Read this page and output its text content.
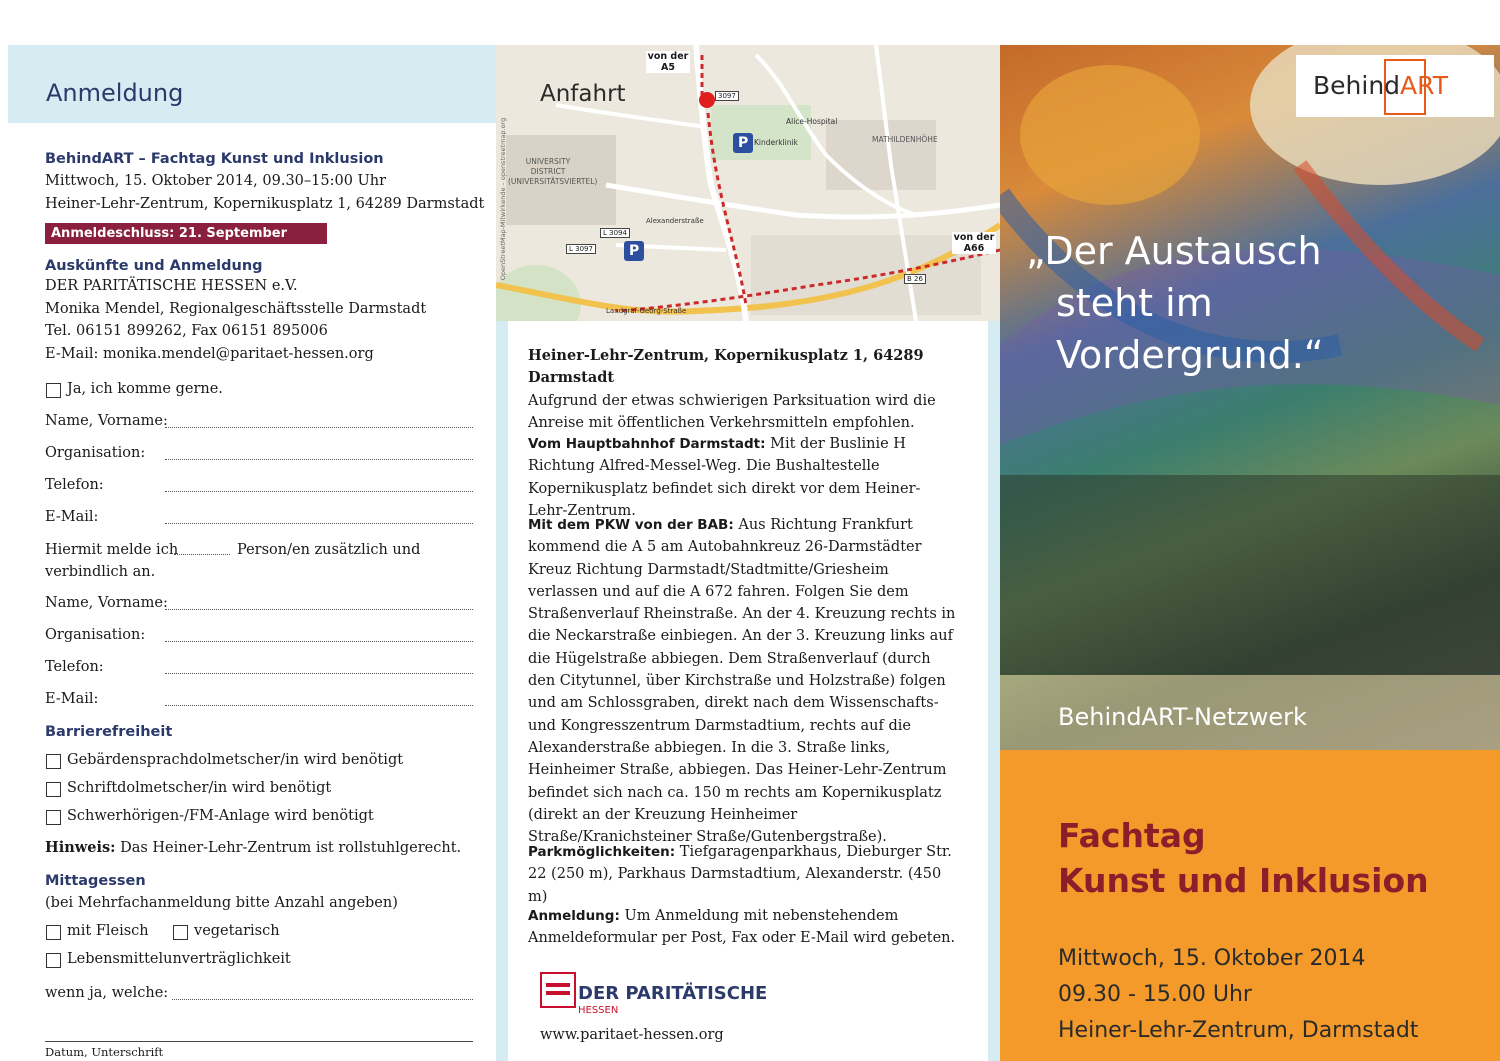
Anmeldung
BehindART – Fachtag Kunst und Inklusion
Mittwoch, 15. Oktober 2014, 09.30–15:00 Uhr
Heiner-Lehr-Zentrum, Kopernikusplatz 1, 64289 Darmstadt
Anmeldeschluss: 21. September 2014
Auskünfte und Anmeldung
DER PARITÄTISCHE HESSEN e.V.
Monika Mendel, Regionalgeschäftsstelle Darmstadt
Tel. 06151 899262, Fax 06151 895006
E-Mail: monika.mendel@paritaet-hessen.org
Ja, ich komme gerne.
Name, Vorname:
Organisation:
Telefon:
E-Mail:
Hiermit melde ich	Person/en zusätzlich und
verbindlich an.
Name, Vorname:
Organisation:
Telefon:
E-Mail:
Barrierefreiheit
Gebärdensprachdolmetscher/in wird benötigt
Schriftdolmetscher/in wird benötigt
Schwerhörigen-/FM-Anlage wird benötigt
Hinweis: Das Heiner-Lehr-Zentrum ist rollstuhlgerecht.
Mittagessen
(bei Mehrfachanmeldung bitte Anzahl angeben)
mit Fleisch	vegetarisch
Lebensmittelunverträglichkeit
wenn ja, welche:
Datum, Unterschrift
Anfahrt
von der A5
von der A66
3097
L 3094
L 3097
B 26
UNIVERSITY DISTRICT (UNIVERSITÄTSVIERTEL)
MATHILDENHÖHE
Alice-Hospital
Kinderklinik
Landgraf-Georg-Straße
Alexanderstraße
P
P
OpenStreetMap-Mitwirkende – openstreetmap.org
Heiner-Lehr-Zentrum, Kopernikusplatz 1, 64289 Darmstadt
Aufgrund der etwas schwierigen Parksituation wird die Anreise mit öffentlichen Verkehrsmitteln empfohlen.
Vom Hauptbahnhof Darmstadt: Mit der Buslinie H Richtung Alfred-Messel-Weg. Die Bushaltestelle Kopernikusplatz befindet sich direkt vor dem Heiner-Lehr-Zentrum.
Mit dem PKW von der BAB: Aus Richtung Frankfurt kommend die A 5 am Autobahnkreuz 26-Darmstädter Kreuz Richtung Darmstadt/Stadtmitte/Griesheim verlassen und auf die A 672 fahren. Folgen Sie dem Straßenverlauf Rheinstraße. An der 4. Kreuzung rechts in die Neckarstraße einbiegen. An der 3. Kreuzung links auf die Hügelstraße abbiegen. Dem Straßenverlauf (durch den Citytunnel, über Kirchstraße und Holzstraße) folgen und am Schlossgraben, direkt nach dem Wissenschafts- und Kongresszentrum Darmstadtium, rechts auf die Alexanderstraße abbiegen. In die 3. Straße links, Heinheimer Straße, abbiegen. Das Heiner-Lehr-Zentrum befindet sich nach ca. 150 m rechts am Kopernikusplatz (direkt an der Kreuzung Heinheimer Straße/Kranichsteiner Straße/Gutenbergstraße).
Parkmöglichkeiten: Tiefgaragenparkhaus, Dieburger Str. 22 (250 m), Parkhaus Darmstadtium, Alexanderstr. (450 m)
Anmeldung: Um Anmeldung mit nebenstehendem Anmeldeformular per Post, Fax oder E-Mail wird gebeten.
DER PARITÄTISCHE
HESSEN
www.paritaet-hessen.org
BehindART
„Der Austausch
steht im
Vordergrund.“
BehindART-Netzwerk
Fachtag
Kunst und Inklusion
Mittwoch, 15. Oktober 2014
09.30 - 15.00 Uhr
Heiner-Lehr-Zentrum, Darmstadt
